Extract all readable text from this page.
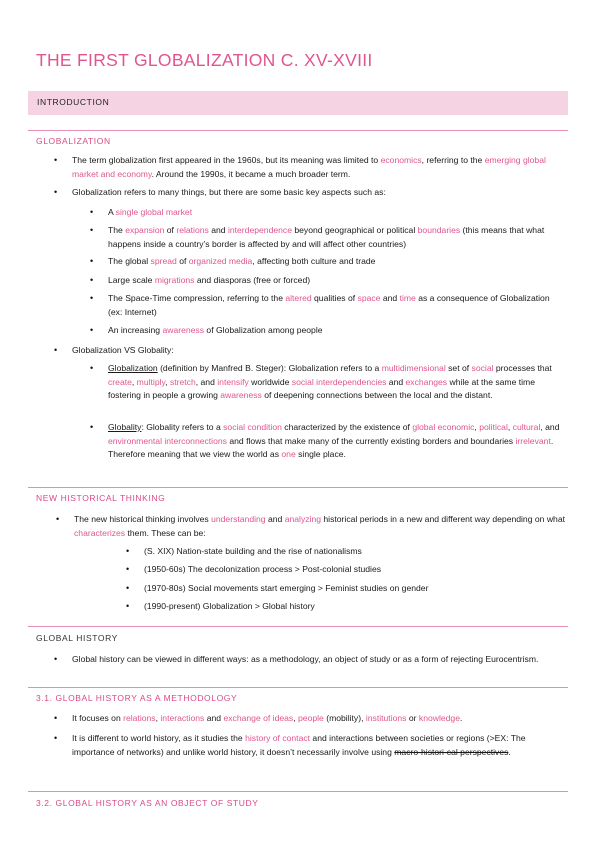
THE FIRST GLOBALIZATION C. XV-XVIII
INTRODUCTION
GLOBALIZATION
• The term globalization first appeared in the 1960s, but its meaning was limited to economics, referring to the emerging global market and economy. Around the 1990s, it became a much broader term.
• Globalization refers to many things, but there are some basic key aspects such as:
• A single global market
• The expansion of relations and interdependence beyond geographical or political boundaries (this means that what happens inside a country’s border is affected by and will affect other countries)
• The global spread of organized media, affecting both culture and trade
• Large scale migrations and diasporas (free or forced)
• The Space-Time compression, referring to the altered qualities of space and time as a consequence of Globalization (ex: Internet)
• An increasing awareness of Globalization among people
• Globalization VS Globality:
• Globalization (definition by Manfred B. Steger): Globalization refers to a multidimensional set of social processes that create, multiply, stretch, and intensify worldwide social interdependencies and exchanges while at the same time fostering in people a growing awareness of deepening connections between the local and the distant.
• Globality: Globality refers to a social condition characterized by the existence of global economic, political, cultural, and environmental interconnections and flows that make many of the currently existing borders and boundaries irrelevant. Therefore meaning that we view the world as one single place.
NEW HISTORICAL THINKING
• The new historical thinking involves understanding and analyzing historical periods in a new and different way depending on what characterizes them. These can be:
• (S. XIX) Nation-state building and the rise of nationalisms
• (1950-60s) The decolonization process > Post-colonial studies
• (1970-80s) Social movements start emerging > Feminist studies on gender
• (1990-present) Globalization > Global history
GLOBAL HISTORY
• Global history can be viewed in different ways: as a methodology, an object of study or as a form of rejecting Eurocentrism.
3.1. GLOBAL HISTORY AS A METHODOLOGY
• It focuses on relations, interactions and exchange of ideas, people (mobility), institutions or knowledge.
• It is different to world history, as it studies the history of contact and interactions between societies or regions (>EX: The importance of networks) and unlike world history, it doesn’t necessarily involve using macro-histori-cal perspectives.
3.2. GLOBAL HISTORY AS AN OBJECT OF STUDY
